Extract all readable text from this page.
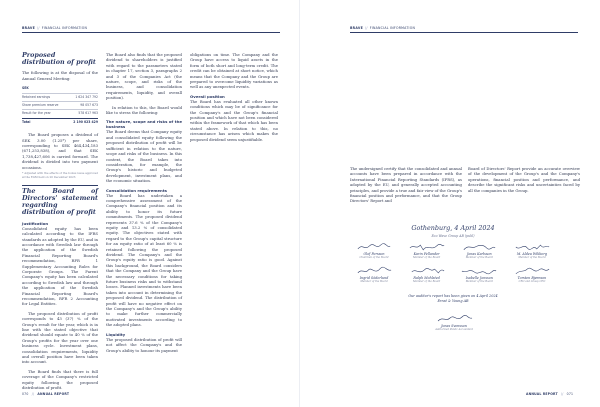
BRAVE // FINANCIAL INFORMATION
Proposed distribution of profit

The following is at the disposal of the Annual General Meeting:

SEK
Retained earnings	1 624 347 792
Share premium reserve	98 057 673
Result for the year	578 617 963
Total	2 190 023 429

The Board proposes a dividend of SEK 3.00 (1.25*) per share, corresponding to SEK 464,434,183 (671,253,838), and that SEK 1,738,427,606 is carried forward. The dividend is divided into two payment occasions.

* Adjusted with the effects of the bonus issue approved at the EGM held on 20 December 2023
The Board of Directors' statement regarding distribution of profit
Justification

Consolidated equity has been calculated according to the IFRS standards as adopted by the EU, and in accordance with Swedish law through the application of the Swedish Financial Reporting Board's recommendation, RFR 1 Supplementary Accounting Rules for Corporate Groups. The Parent Company's equity has been calculated according to Swedish law and through the application of the Swedish Financial Reporting Board's recommendation, RFR 2 Accounting for Legal Entities.

The proposed distribution of profit corresponds to 43 (37) % of the Group's result for the year, which is in line with the stated objective that dividend should equate to 40 % of the Group's profits for the year over one business cycle. Investment plans, consolidation requirements, liquidity and overall position have been taken into account.

The Board finds that there is full coverage of the Company's restricted equity following the proposed distribution of profit.

The Board also finds that the proposed dividend to shareholders is justified with regard to the parameters stated in chapter 17, section 3, paragraphs 2 and 3 of the Companies Act (the nature, scope, and risks of the business, and consolidation requirements, liquidity, and overall position).

In relation to this, the Board would like to stress the following:

The nature, scope and risks of the business

The Board deems that Company equity and consolidated equity following the proposed distribution of profit will be sufficient in relation to the nature, scope and risks of the business. In this context, the Board takes into consideration, for example, the Group's historic and budgeted development, investment plans, and the economic situation.

Consolidation requirements

The Board has undertaken a comprehensive assessment of the Company's financial position and its ability to honor its future commitments. The proposed dividend represents 37.6 % of the Company's equity and 13.2 % of consolidated equity. The objectives stated with regard to the Group's capital structure for an equity ratio of at least 60 % is retained following the proposed dividend. The Company's and the Group's equity ratio is good. Against this background, the Board considers that the Company and the Group have the necessary conditions for taking future business risks and to withstand losses. Planned investments have been taken into account in determining the proposed dividend. The distribution of profit will have no negative effect on the Company's and the Group's ability to make further commercially motivated investments according to the adopted plans.

Liquidity

The proposed distribution of profit will not affect the Company's and the Group's ability to honour its payment

obligations on time. The Company and the Group have access to liquid assets in the form of both short and long-term credit. The credit can be obtained at short notice, which means that the Company and the Group are prepared to overcome liquidity variations as well as any unexpected events.

Overall position

The Board has evaluated all other known conditions which may be of significance for the Company's and the Group's financial position and which have not been considered within the framework of that which has been stated above. In relation to this, no circumstance has arisen which makes the proposed dividend seem unjustifiable.

070 // ANNUAL REPORT
BRAVE // FINANCIAL INFORMATION

The undersigned certify that the consolidated and annual accounts have been prepared in accordance with the International Financial Reporting Standards (IFRS), as adopted by the EU, and generally accepted accounting principles, and provide a true and fair view of the Group's financial position and performance, and that the Group Directors' Report and

Board of Directors' Report provide an accurate overview of the development of the Group's and the Company's operations, financial position and performance, and describe the significant risks and uncertainties faced by all the companies in the Group.

ANNUAL REPORT // 071
Gothenburg, 4 April 2024
Eco Wave Group AB (publ)
Olof Persson
Chairman of the Board
Karin Fellander
Member of the Board
Jonas Karlsson
Member of the Board
M. Aldea Wikberg
Member of the Board
Ingrid Söderlund
Member of the Board
Ralph Mohlsted
Member of the Board
Isabelle Jonsson
Member of the Board
Torsten Bjørnson
CEO and Group CEO
Our auditor's report has been given on 4 April 2024
Ernst & Young AB
Jonas Svensson
Authorized Public Accountant
